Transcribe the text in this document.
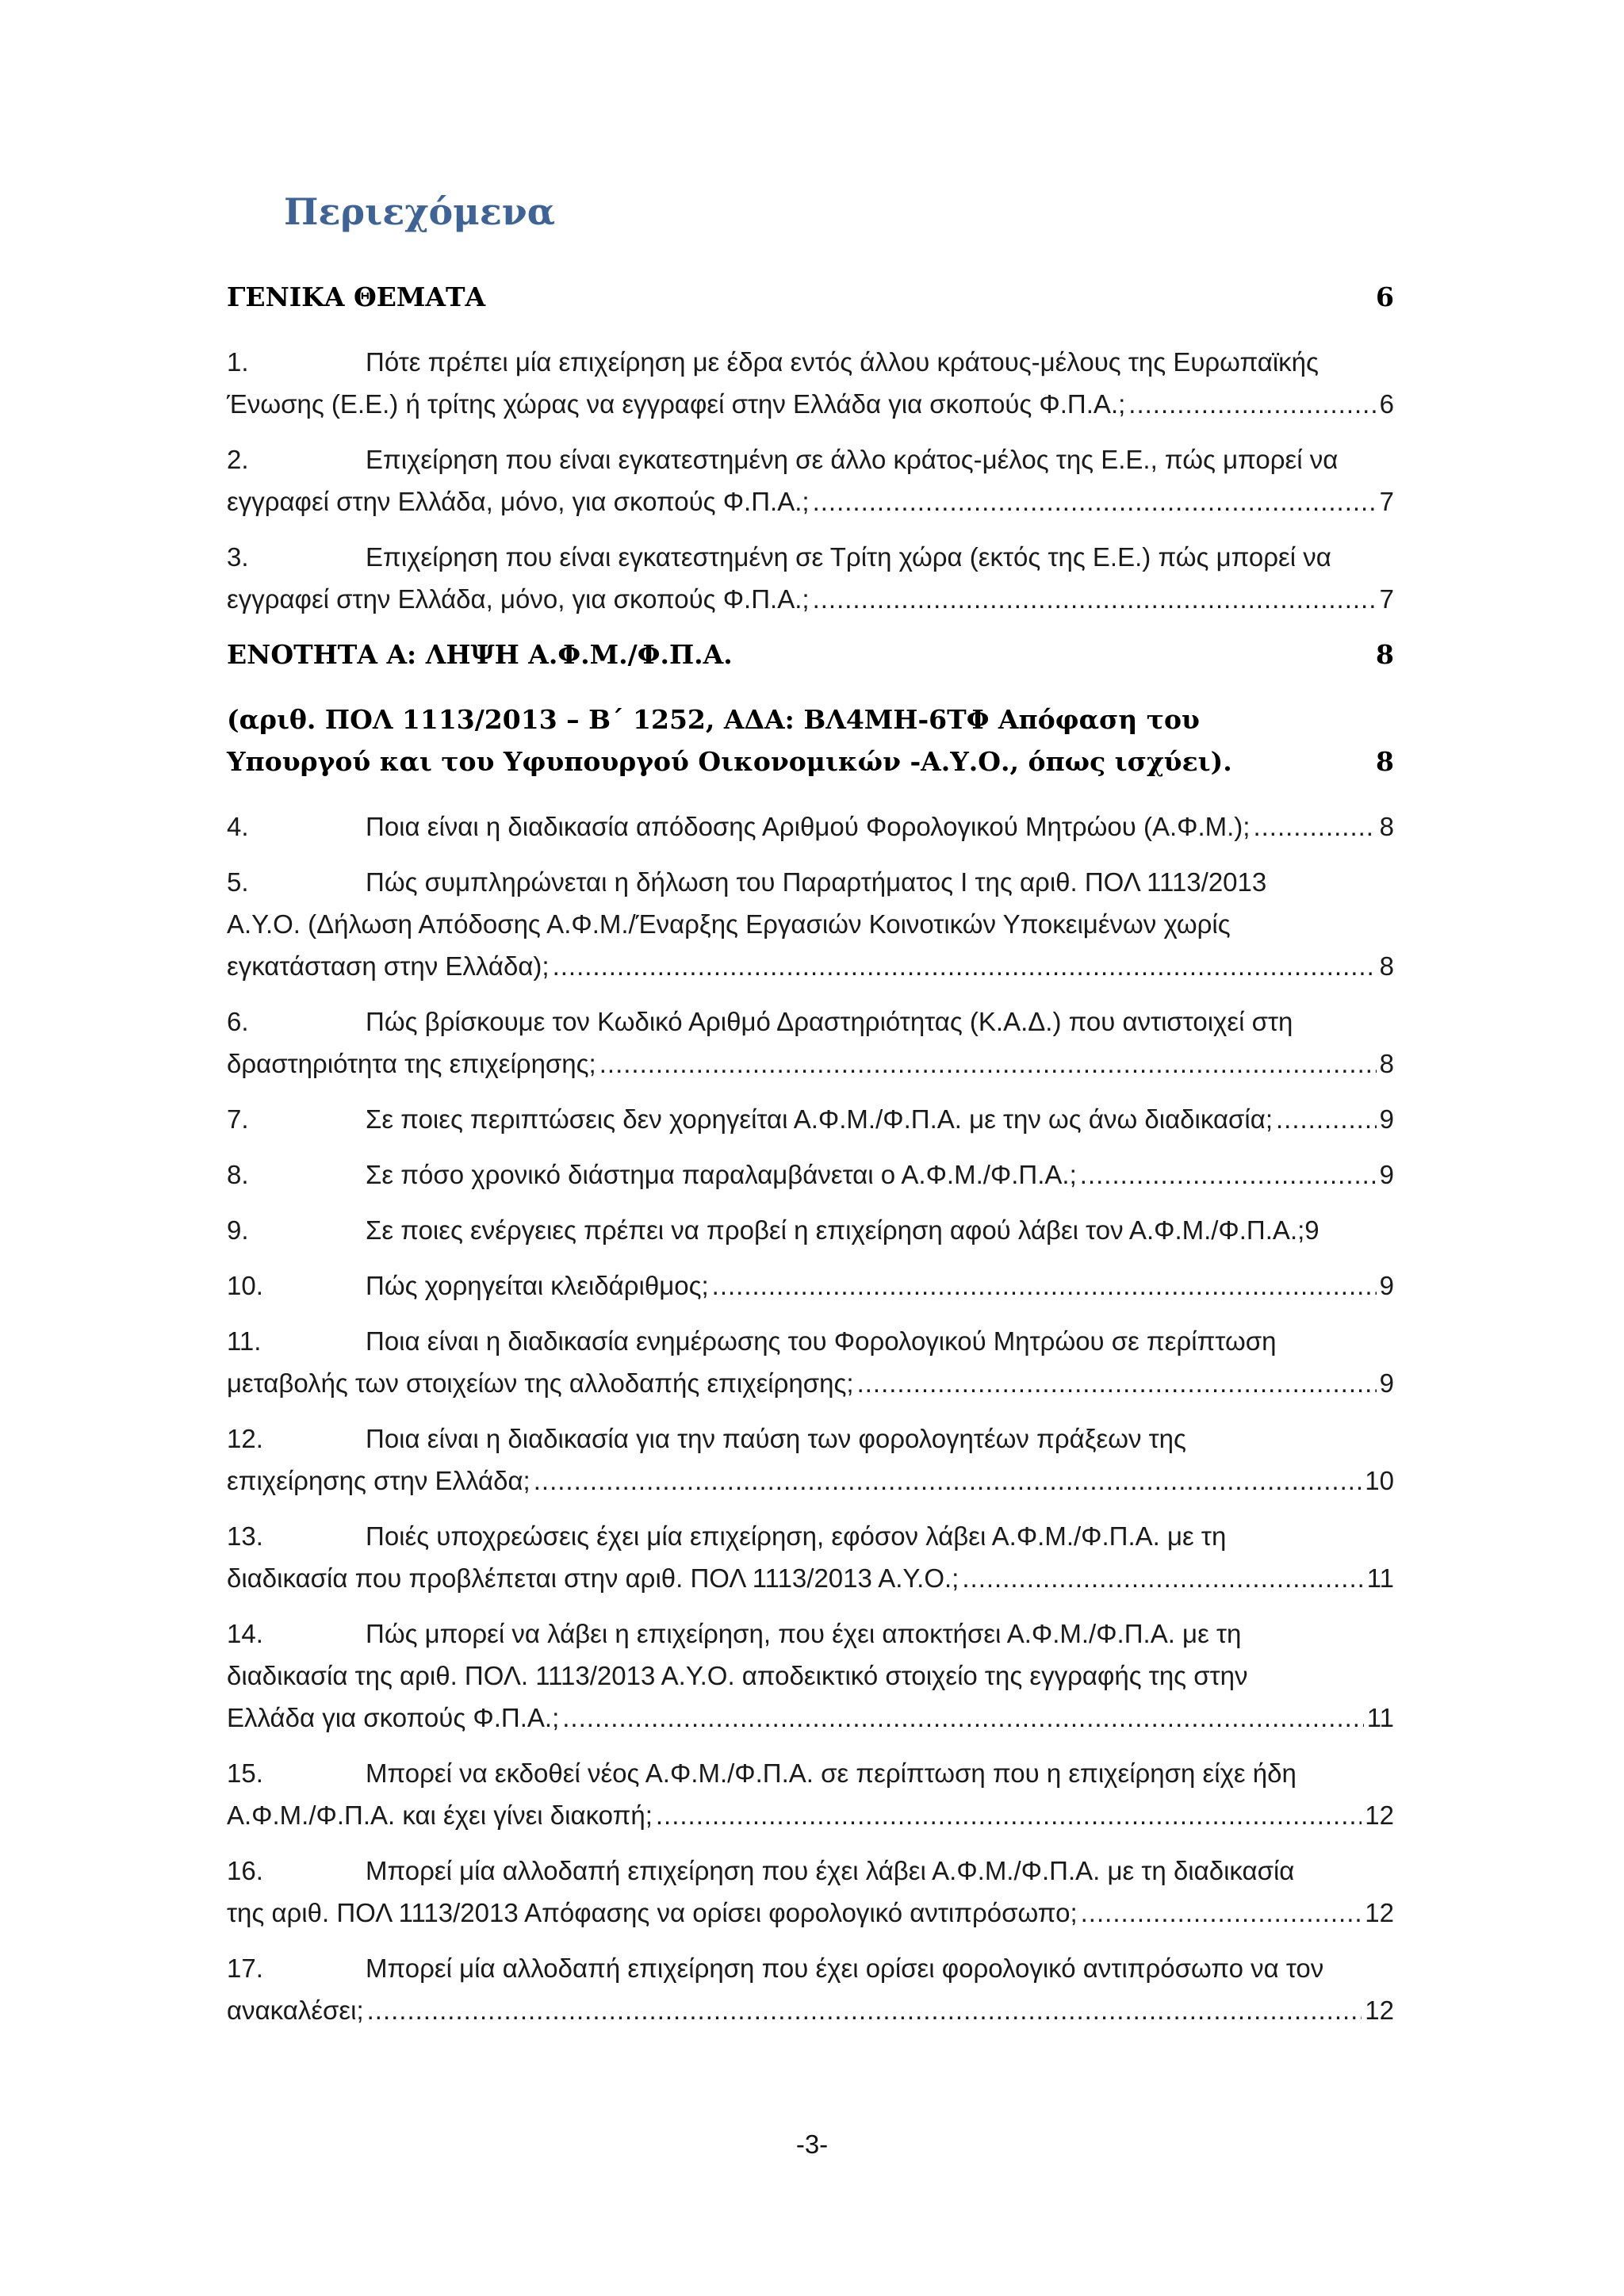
Περιεχόμενα
ΓΕΝΙΚΑ ΘΕΜΑΤΑ	6
1.	Πότε πρέπει μία επιχείρηση με έδρα εντός άλλου κράτους-μέλους της Ευρωπαϊκής
Ένωσης (Ε.Ε.) ή τρίτης χώρας να εγγραφεί στην Ελλάδα για σκοπούς Φ.Π.Α.; .....	6
2.	Επιχείρηση που είναι εγκατεστημένη σε άλλο κράτος-μέλος της Ε.Ε., πώς μπορεί να
εγγραφεί στην Ελλάδα, μόνο, για σκοπούς Φ.Π.Α.; .....	7
3.	Επιχείρηση που είναι εγκατεστημένη σε Τρίτη χώρα (εκτός της Ε.Ε.) πώς μπορεί να
εγγραφεί στην Ελλάδα, μόνο, για σκοπούς Φ.Π.Α.; .....	7
ΕΝΟΤΗΤΑ Α: ΛΗΨΗ Α.Φ.Μ./Φ.Π.Α.	8
(αριθ. ΠΟΛ 1113/2013 – Β΄ 1252, ΑΔΑ: ΒΛ4ΜΗ-6ΤΦ Απόφαση του Υπουργού και του Υφυπουργού Οικονομικών -Α.Υ.Ο., όπως ισχύει).	8
4.	Ποια είναι η διαδικασία απόδοσης Αριθμού Φορολογικού Μητρώου (Α.Φ.Μ.); .....	8
5.	Πώς συμπληρώνεται η δήλωση του Παραρτήματος Ι της αριθ. ΠΟΛ 1113/2013
Α.Υ.Ο. (Δήλωση Απόδοσης Α.Φ.Μ./Έναρξης Εργασιών Κοινοτικών Υποκειμένων χωρίς
εγκατάσταση στην Ελλάδα); .....	8
6.	Πώς βρίσκουμε τον Κωδικό Αριθμό Δραστηριότητας (Κ.Α.Δ.) που αντιστοιχεί στη
δραστηριότητα της επιχείρησης; .....	8
7.	Σε ποιες περιπτώσεις δεν χορηγείται Α.Φ.Μ./Φ.Π.Α. με την ως άνω διαδικασία; .....	9
8.	Σε πόσο χρονικό διάστημα παραλαμβάνεται ο Α.Φ.Μ./Φ.Π.Α.; .....	9
9.	Σε ποιες ενέργειες πρέπει να προβεί η επιχείρηση αφού λάβει τον Α.Φ.Μ./Φ.Π.Α.; 9
10.	Πώς χορηγείται κλειδάριθμος; .....	9
11.	Ποια είναι η διαδικασία ενημέρωσης του Φορολογικού Μητρώου σε περίπτωση
μεταβολής των στοιχείων της αλλοδαπής επιχείρησης; .....	9
12.	Ποια είναι η διαδικασία για την παύση των φορολογητέων πράξεων της
επιχείρησης στην Ελλάδα; .....	10
13.	Ποιές υποχρεώσεις έχει μία επιχείρηση, εφόσον λάβει Α.Φ.Μ./Φ.Π.Α. με τη
διαδικασία που προβλέπεται στην αριθ. ΠΟΛ 1113/2013 Α.Υ.Ο.; .....	11
14.	Πώς μπορεί να λάβει η επιχείρηση, που έχει αποκτήσει Α.Φ.Μ./Φ.Π.Α. με τη
διαδικασία της αριθ. ΠΟΛ. 1113/2013 Α.Υ.Ο. αποδεικτικό στοιχείο της εγγραφής της στην
Ελλάδα για σκοπούς Φ.Π.Α.; .....	11
15.	Μπορεί να εκδοθεί νέος Α.Φ.Μ./Φ.Π.Α. σε περίπτωση που η επιχείρηση είχε ήδη
Α.Φ.Μ./Φ.Π.Α. και έχει γίνει διακοπή; .....	12
16.	Μπορεί μία αλλοδαπή επιχείρηση που έχει λάβει Α.Φ.Μ./Φ.Π.Α. με τη διαδικασία
της αριθ. ΠΟΛ 1113/2013 Απόφασης να ορίσει φορολογικό αντιπρόσωπο; .....	12
17.	Μπορεί μία αλλοδαπή επιχείρηση που έχει ορίσει φορολογικό αντιπρόσωπο να τον
ανακαλέσει; .....	12
-3-
